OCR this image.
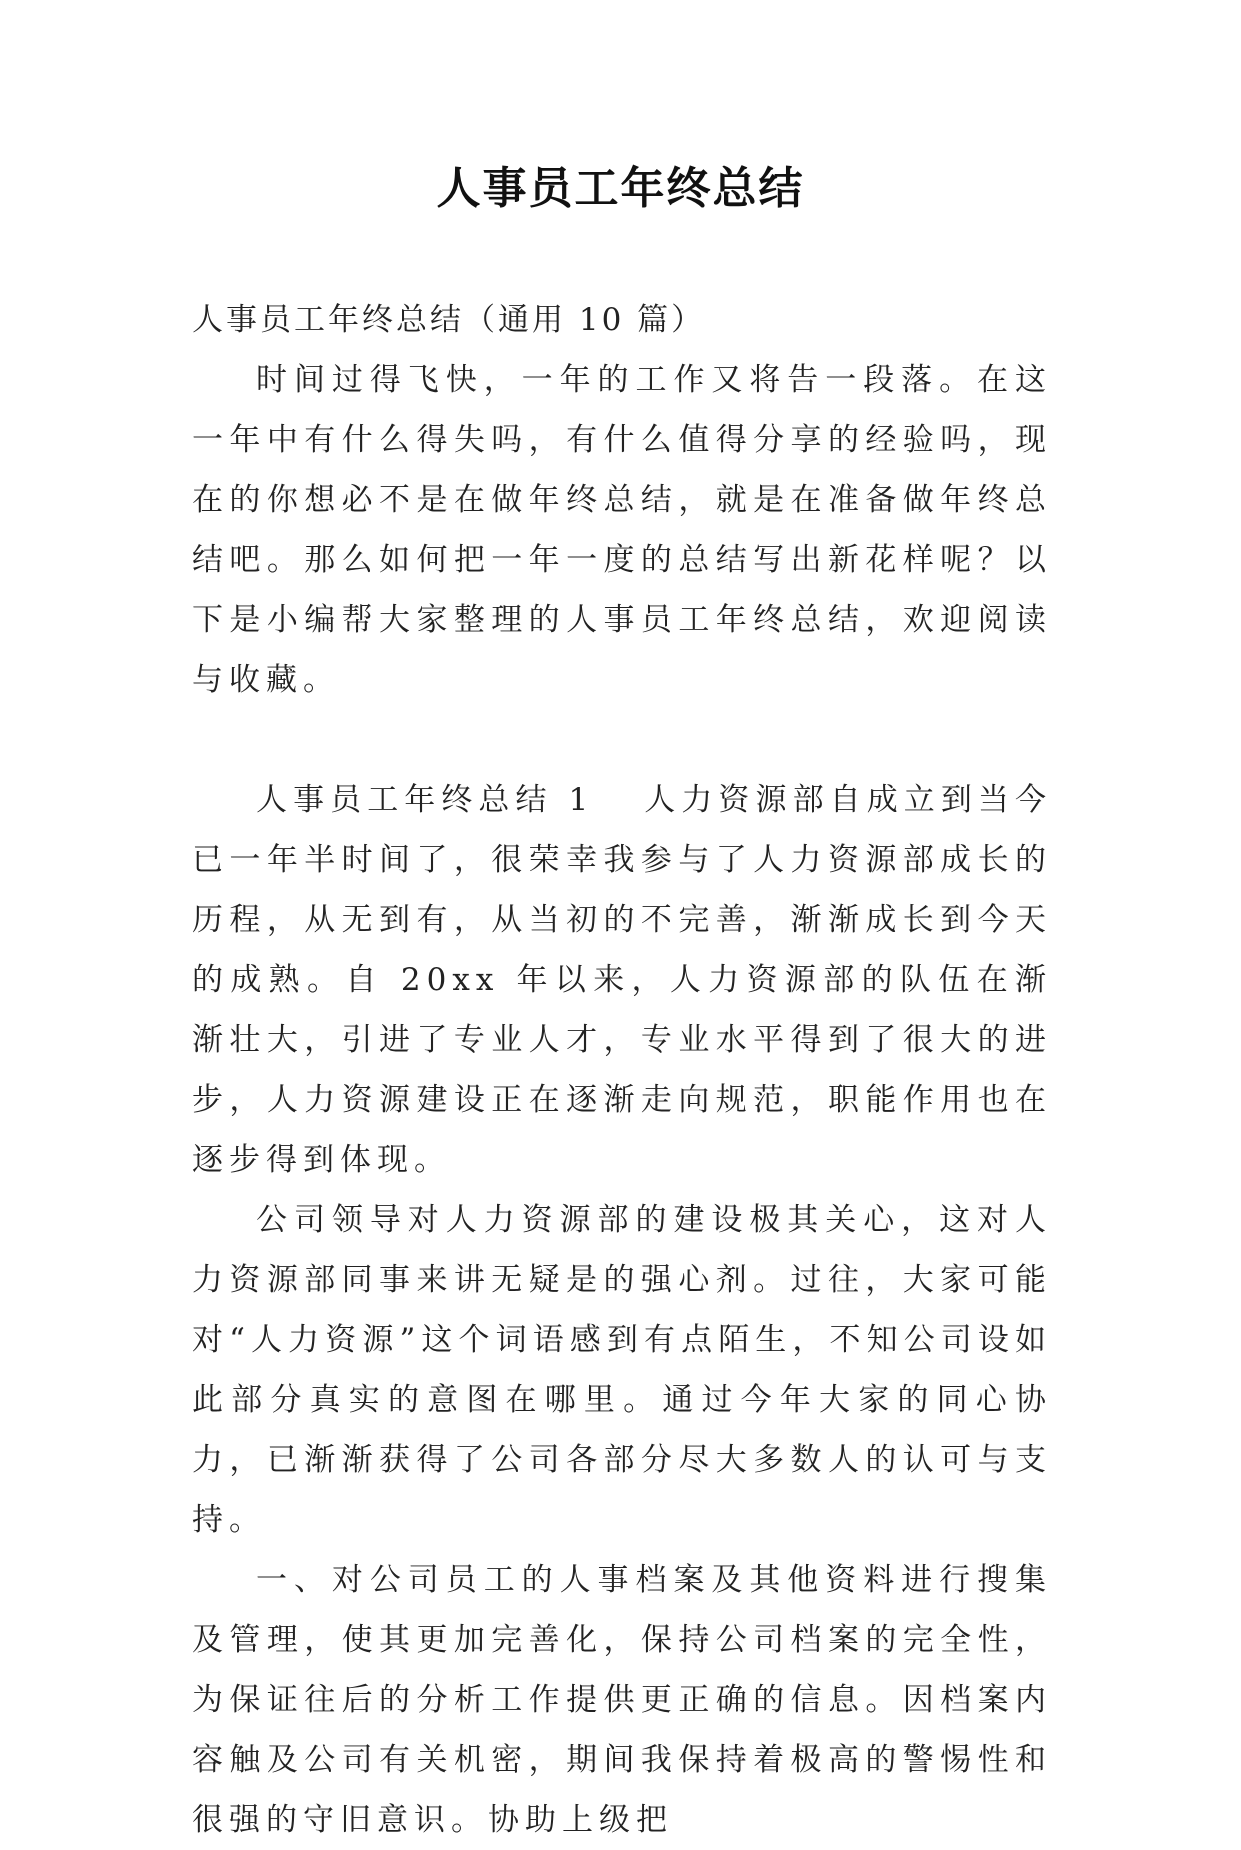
人事员工年终总结

人事员工年终总结（通用 10 篇）

时间过得飞快，一年的工作又将告一段落。在这一年中有什么得失吗，有什么值得分享的经验吗，现在的你想必不是在做年终总结，就是在准备做年终总结吧。那么如何把一年一度的总结写出新花样呢？以下是小编帮大家整理的人事员工年终总结，欢迎阅读与收藏。

人事员工年终总结 1 人力资源部自成立到当今已一年半时间了，很荣幸我参与了人力资源部成长的历程，从无到有，从当初的不完善，渐渐成长到今天的成熟。自 20xx 年以来，人力资源部的队伍在渐渐壮大，引进了专业人才，专业水平得到了很大的进步，人力资源建设正在逐渐走向规范，职能作用也在逐步得到体现。

公司领导对人力资源部的建设极其关心，这对人力资源部同事来讲无疑是的强心剂。过往，大家可能对“人力资源”这个词语感到有点陌生，不知公司设如此部分真实的意图在哪里。通过今年大家的同心协力，已渐渐获得了公司各部分尽大多数人的认可与支持。

一、对公司员工的人事档案及其他资料进行搜集及管理，使其更加完善化，保持公司档案的完全性，为保证往后的分析工作提供更正确的信息。因档案内容触及公司有关机密，期间我保持着极高的警惕性和很强的守旧意识。协助上级把
